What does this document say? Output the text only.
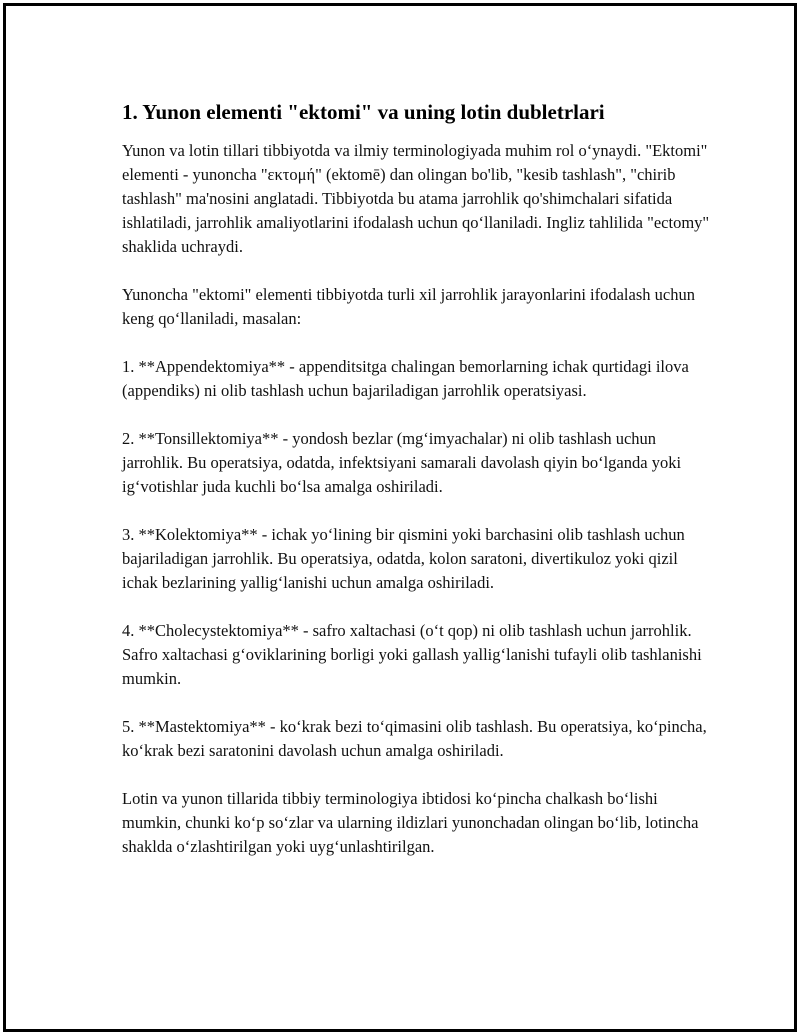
1. Yunon elementi "ektomi" va uning lotin dubletrlari

Yunon va lotin tillari tibbiyotda va ilmiy terminologiyada muhim rol o‘ynaydi. "Ektomi" elementi - yunoncha "εκτομή" (ektomē) dan olingan bo'lib, "kesib tashlash", "chirib tashlash" ma'nosini anglatadi. Tibbiyotda bu atama jarrohlik qo'shimchalari sifatida ishlatiladi, jarrohlik amaliyotlarini ifodalash uchun qo‘llaniladi. Ingliz tahlilida "ectomy" shaklida uchraydi.

Yunoncha "ektomi" elementi tibbiyotda turli xil jarrohlik jarayonlarini ifodalash uchun keng qo‘llaniladi, masalan:

1. **Appendektomiya** - appenditsitga chalingan bemorlarning ichak qurtidagi ilova (appendiks) ni olib tashlash uchun bajariladigan jarrohlik operatsiyasi.

2. **Tonsillektomiya** - yondosh bezlar (mg‘imyachalar) ni olib tashlash uchun jarrohlik. Bu operatsiya, odatda, infektsiyani samarali davolash qiyin bo‘lganda yoki ig‘votishlar juda kuchli bo‘lsa amalga oshiriladi.

3. **Kolektomiya** - ichak yo‘lining bir qismini yoki barchasini olib tashlash uchun bajariladigan jarrohlik. Bu operatsiya, odatda, kolon saratoni, divertikuloz yoki qizil ichak bezlarining yallig‘lanishi uchun amalga oshiriladi.

4. **Cholecystektomiya** - safro xaltachasi (o‘t qop) ni olib tashlash uchun jarrohlik. Safro xaltachasi g‘oviklarining borligi yoki gallash yallig‘lanishi tufayli olib tashlanishi mumkin.

5. **Mastektomiya** - ko‘krak bezi to‘qimasini olib tashlash. Bu operatsiya, ko‘pincha, ko‘krak bezi saratonini davolash uchun amalga oshiriladi.

Lotin va yunon tillarida tibbiy terminologiya ibtidosi ko‘pincha chalkash bo‘lishi mumkin, chunki ko‘p so‘zlar va ularning ildizlari yunonchadan olingan bo‘lib, lotincha shaklda o‘zlashtirilgan yoki uyg‘unlashtirilgan.
